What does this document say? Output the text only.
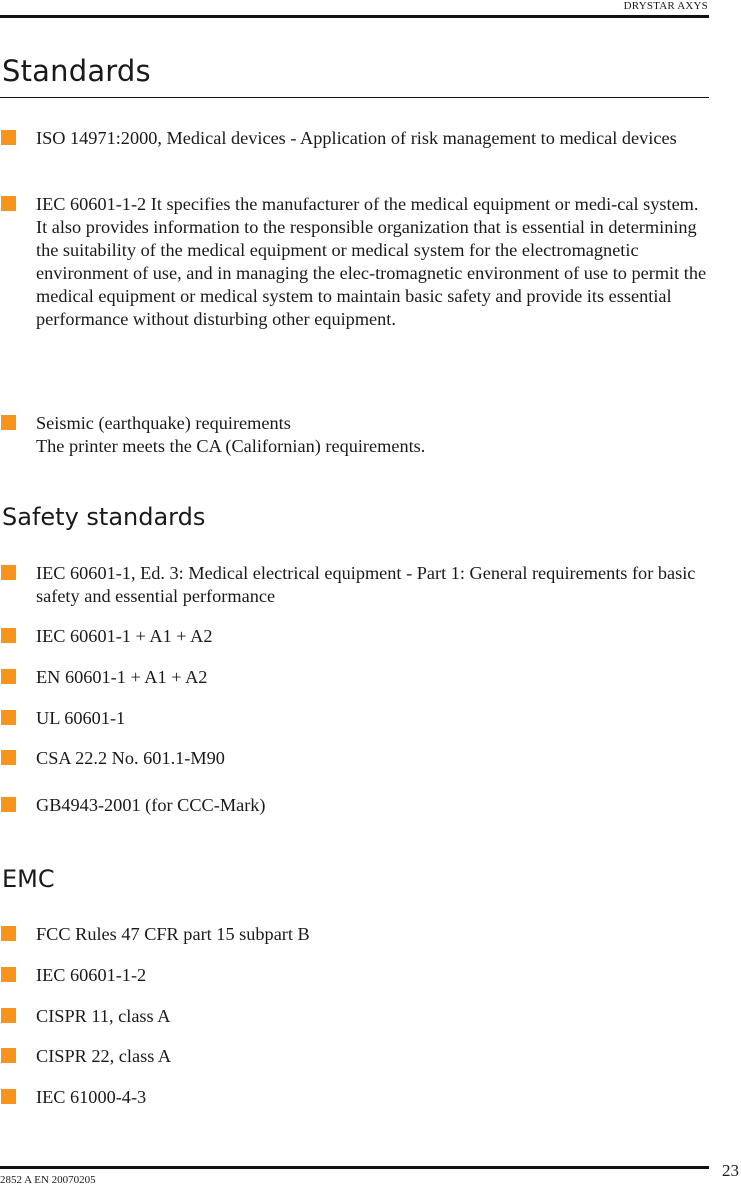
DRYSTAR AXYS
Standards
ISO 14971:2000, Medical devices - Application of risk management to medical devices
IEC 60601-1-2 It specifies the manufacturer of the medical equipment or medi-cal system. It also provides information to the responsible organization that is essential in determining the suitability of the medical equipment or medical system for the electromagnetic environment of use, and in managing the elec-tromagnetic environment of use to permit the medical equipment or medical system to maintain basic safety and provide its essential performance without disturbing other equipment.
Seismic (earthquake) requirements
The printer meets the CA (Californian) requirements.
Safety standards
IEC 60601-1, Ed. 3: Medical electrical equipment - Part 1: General requirements for basic safety and essential performance
IEC 60601-1 + A1 + A2
EN 60601-1 + A1 + A2
UL 60601-1
CSA 22.2 No. 601.1-M90
GB4943-2001 (for CCC-Mark)
EMC
FCC Rules 47 CFR part 15 subpart B
IEC 60601-1-2
CISPR 11, class A
CISPR 22, class A
IEC 61000-4-3
2852 A EN 20070205	23
